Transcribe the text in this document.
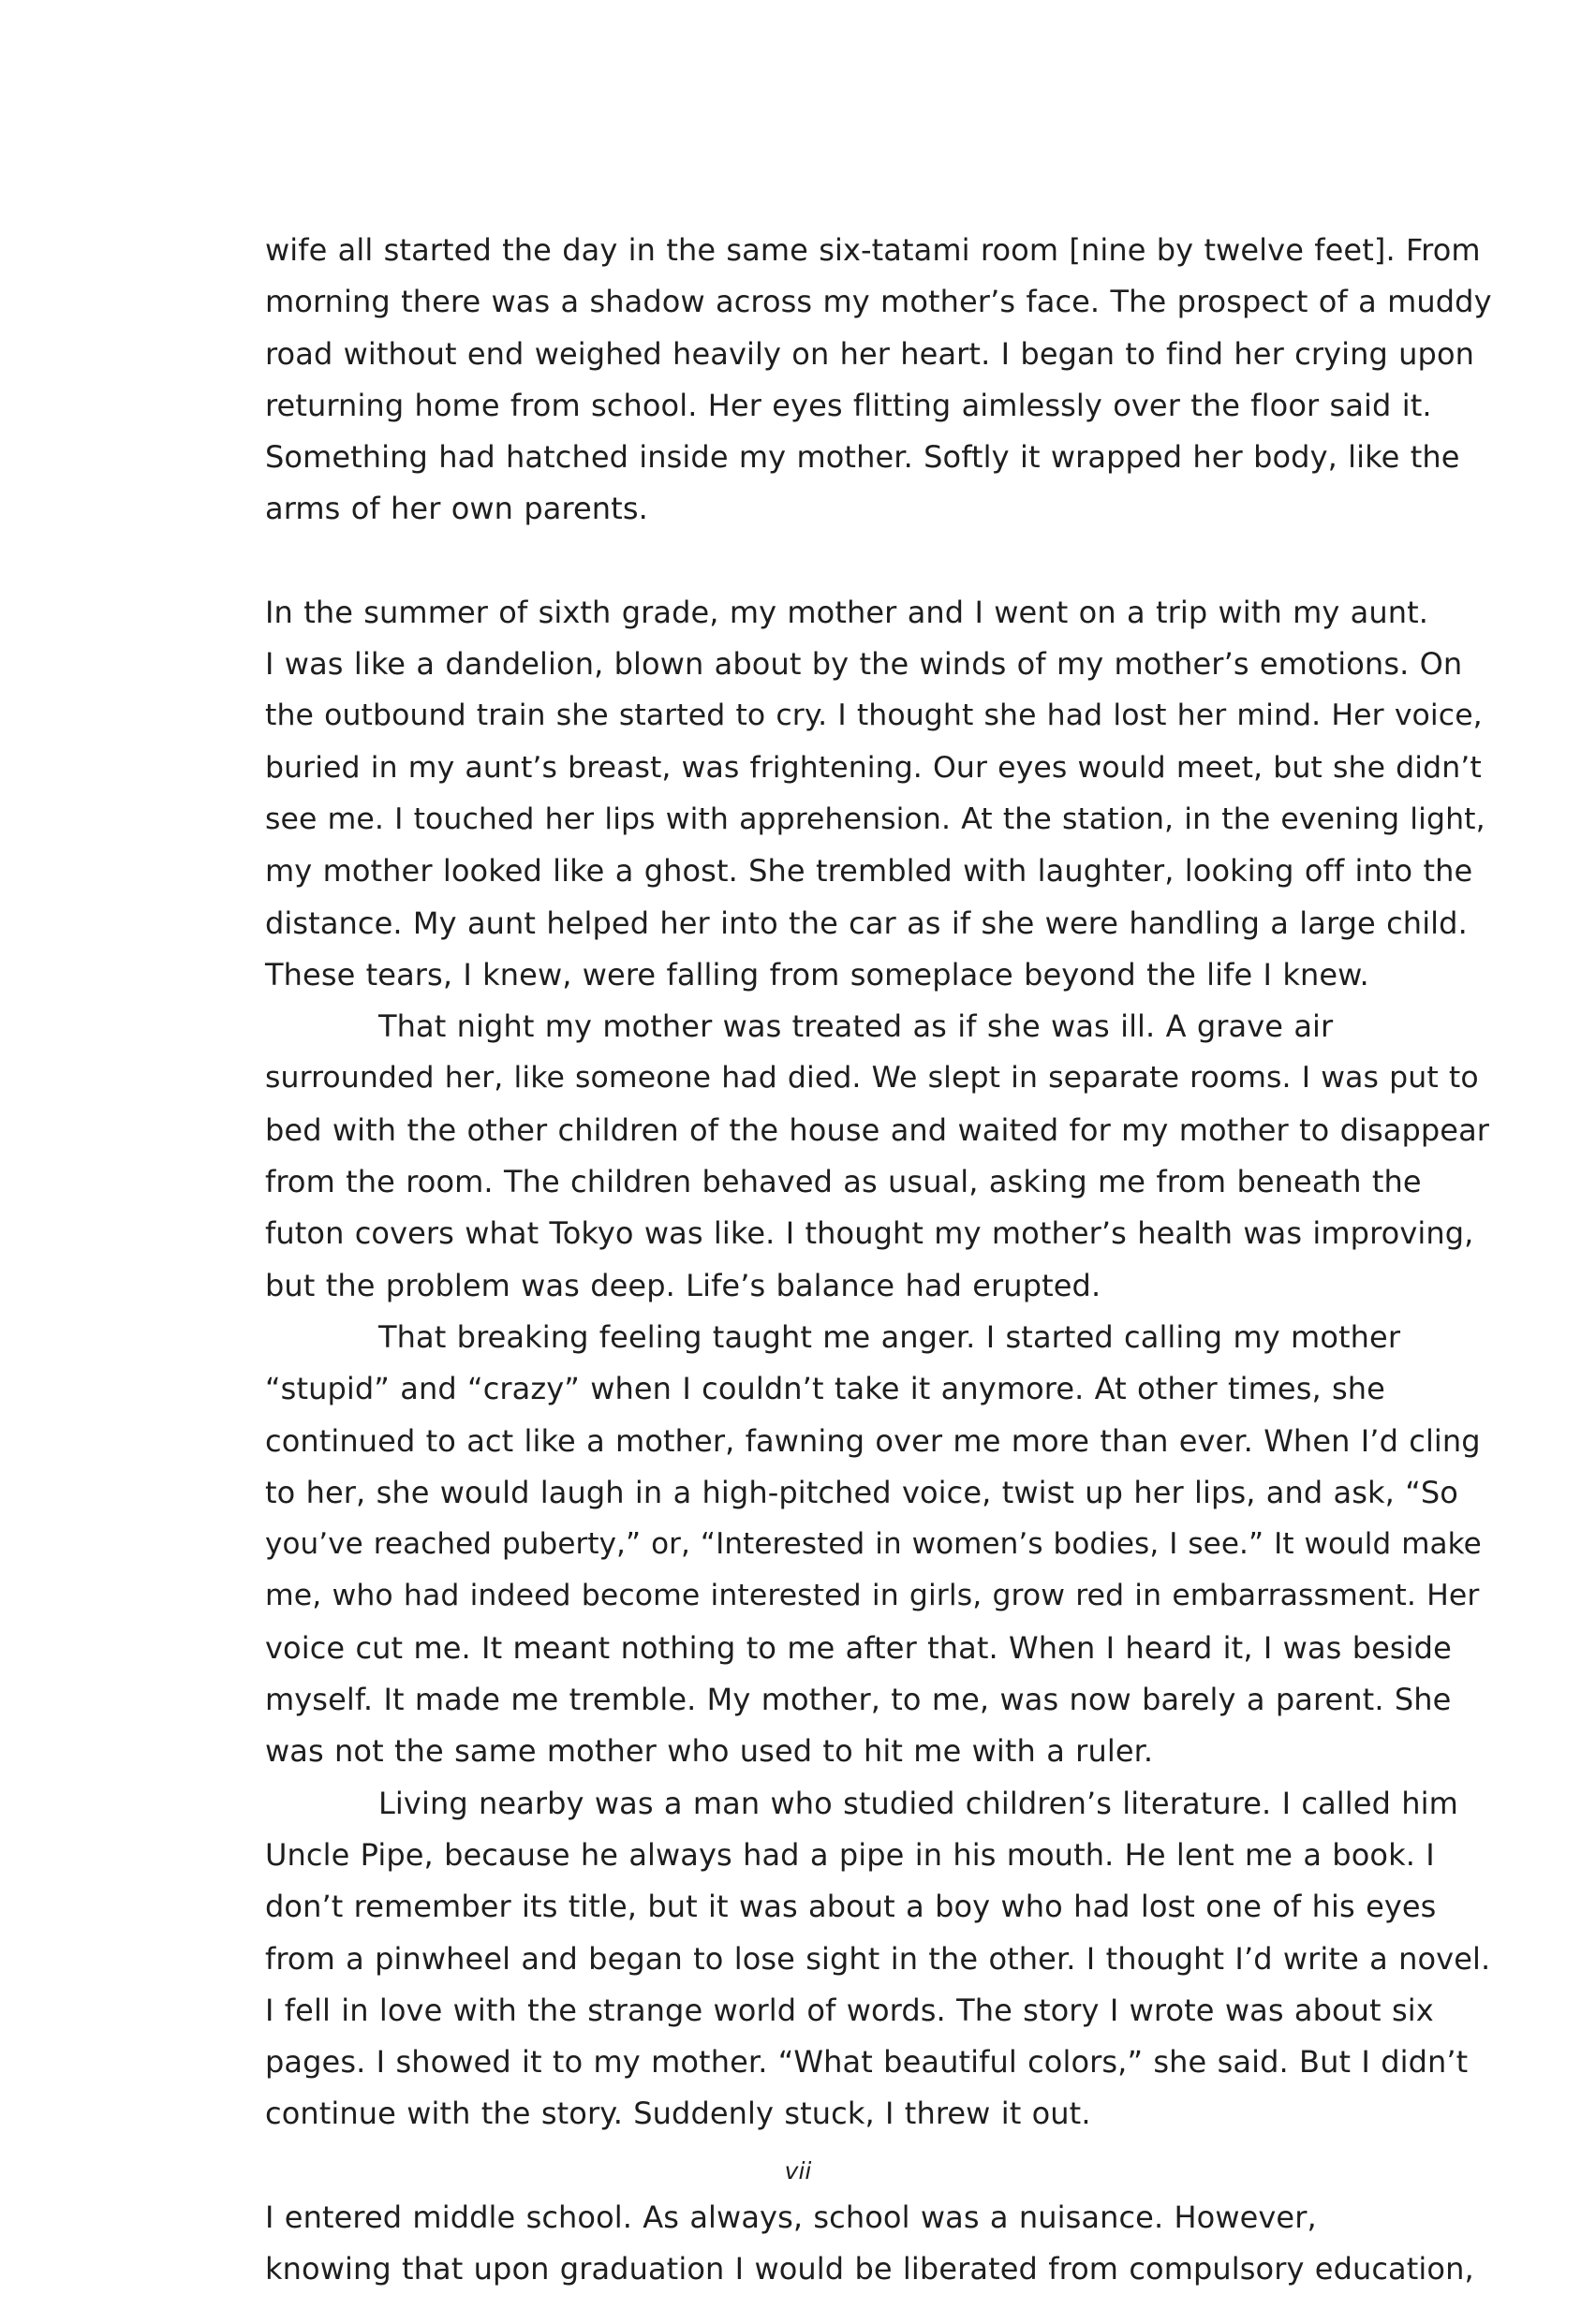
wife all started the day in the same six-tatami room [nine by twelve feet]. From
morning there was a shadow across my mother’s face. The prospect of a muddy
road without end weighed heavily on her heart. I began to find her crying upon
returning home from school. Her eyes flitting aimlessly over the floor said it.
Something had hatched inside my mother. Softly it wrapped her body, like the
arms of her own parents.
In the summer of sixth grade, my mother and I went on a trip with my aunt.
I was like a dandelion, blown about by the winds of my mother’s emotions. On
the outbound train she started to cry. I thought she had lost her mind. Her voice,
buried in my aunt’s breast, was frightening. Our eyes would meet, but she didn’t
see me. I touched her lips with apprehension. At the station, in the evening light,
my mother looked like a ghost. She trembled with laughter, looking off into the
distance. My aunt helped her into the car as if she were handling a large child.
These tears, I knew, were falling from someplace beyond the life I knew.
That night my mother was treated as if she was ill. A grave air
surrounded her, like someone had died. We slept in separate rooms. I was put to
bed with the other children of the house and waited for my mother to disappear
from the room. The children behaved as usual, asking me from beneath the
futon covers what Tokyo was like. I thought my mother’s health was improving,
but the problem was deep. Life’s balance had erupted.
That breaking feeling taught me anger. I started calling my mother
“stupid” and “crazy” when I couldn’t take it anymore. At other times, she
continued to act like a mother, fawning over me more than ever. When I’d cling
to her, she would laugh in a high-pitched voice, twist up her lips, and ask, “So
you’ve reached puberty,” or, “Interested in women’s bodies, I see.” It would make
me, who had indeed become interested in girls, grow red in embarrassment. Her
voice cut me. It meant nothing to me after that. When I heard it, I was beside
myself. It made me tremble. My mother, to me, was now barely a parent. She
was not the same mother who used to hit me with a ruler.
Living nearby was a man who studied children’s literature. I called him
Uncle Pipe, because he always had a pipe in his mouth. He lent me a book. I
don’t remember its title, but it was about a boy who had lost one of his eyes
from a pinwheel and began to lose sight in the other. I thought I’d write a novel.
I fell in love with the strange world of words. The story I wrote was about six
pages. I showed it to my mother. “What beautiful colors,” she said. But I didn’t
continue with the story. Suddenly stuck, I threw it out.
I entered middle school. As always, school was a nuisance. However,
knowing that upon graduation I would be liberated from compulsory education,
vii
